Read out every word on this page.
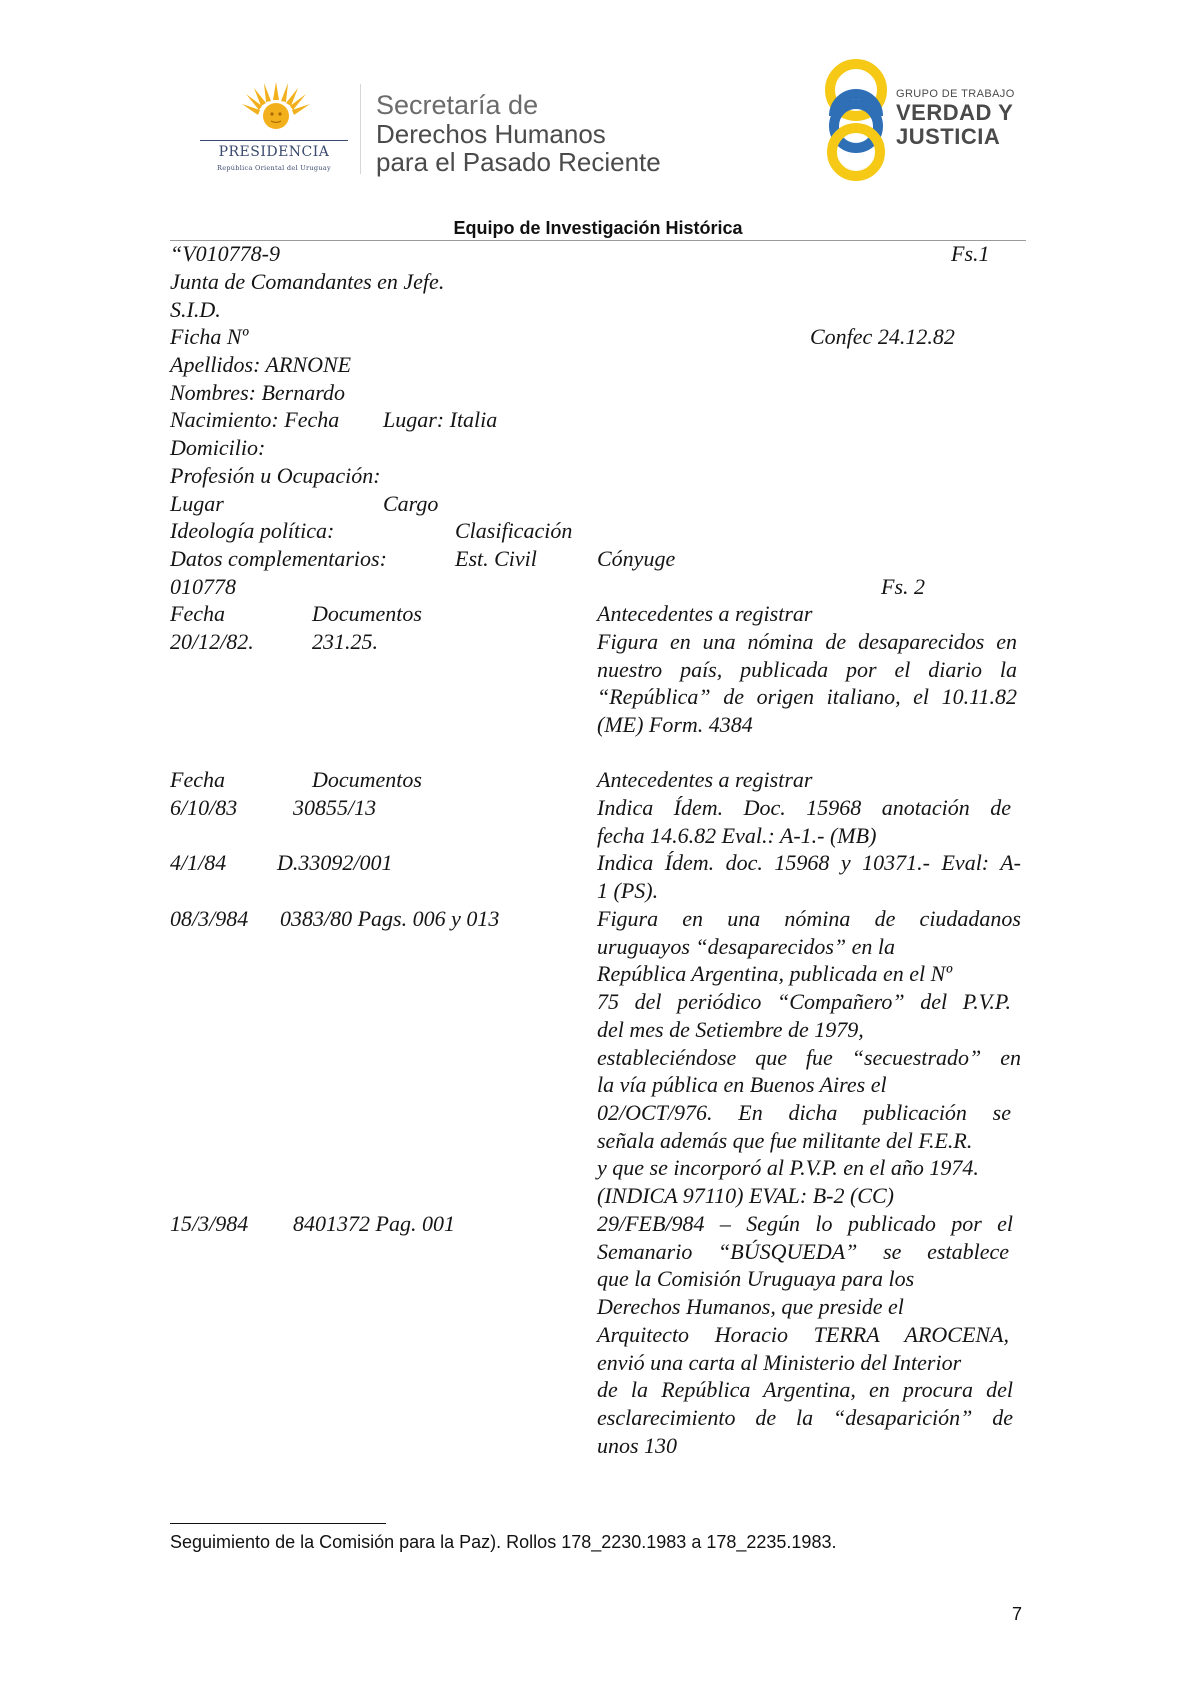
PRESIDENCIA
República Oriental del Uruguay
Secretaría de
Derechos Humanos
para el Pasado Reciente
GRUPO DE TRABAJO
VERDAD Y
JUSTICIA
Equipo de Investigación Histórica
“V010778-9	Fs.1
Junta de Comandantes en Jefe.
S.I.D.
Ficha Nº	Confec 24.12.82
Apellidos: ARNONE
Nombres: Bernardo
Nacimiento: Fecha Lugar: Italia
Domicilio:
Profesión u Ocupación:
Lugar	Cargo
Ideología política:	Clasificación
Datos complementarios:	Est. Civil	Cónyuge
010778	Fs. 2
Fecha	Documentos	Antecedentes a registrar
20/12/82.	231.25.	Figura en una nómina de desaparecidos en
nuestro país, publicada por el diario la
“República” de origen italiano, el 10.11.82
(ME) Form. 4384
Fecha	Documentos	Antecedentes a registrar
6/10/83	30855/13	Indica Ídem. Doc. 15968 anotación de
fecha 14.6.82 Eval.: A-1.- (MB)
4/1/84 D.33092/001	Indica Ídem. doc. 15968 y 10371.- Eval: A-
1 (PS).
08/3/984 0383/80 Pags. 006 y 013	Figura en una nómina de ciudadanos
uruguayos “desaparecidos” en la
República Argentina, publicada en el Nº
75 del periódico “Compañero” del P.V.P.
del mes de Setiembre de 1979,
estableciéndose que fue “secuestrado” en
la vía pública en Buenos Aires el
02/OCT/976. En dicha publicación se
señala además que fue militante del F.E.R.
y que se incorporó al P.V.P. en el año 1974.
(INDICA 97110) EVAL: B-2 (CC)
15/3/984 8401372 Pag. 001	29/FEB/984 – Según lo publicado por el
Semanario “BÚSQUEDA” se establece
que la Comisión Uruguaya para los
Derechos Humanos, que preside el
Arquitecto Horacio TERRA AROCENA,
envió una carta al Ministerio del Interior
de la República Argentina, en procura del
esclarecimiento de la “desaparición” de
unos 130
Seguimiento de la Comisión para la Paz). Rollos 178_2230.1983 a 178_2235.1983.
7
